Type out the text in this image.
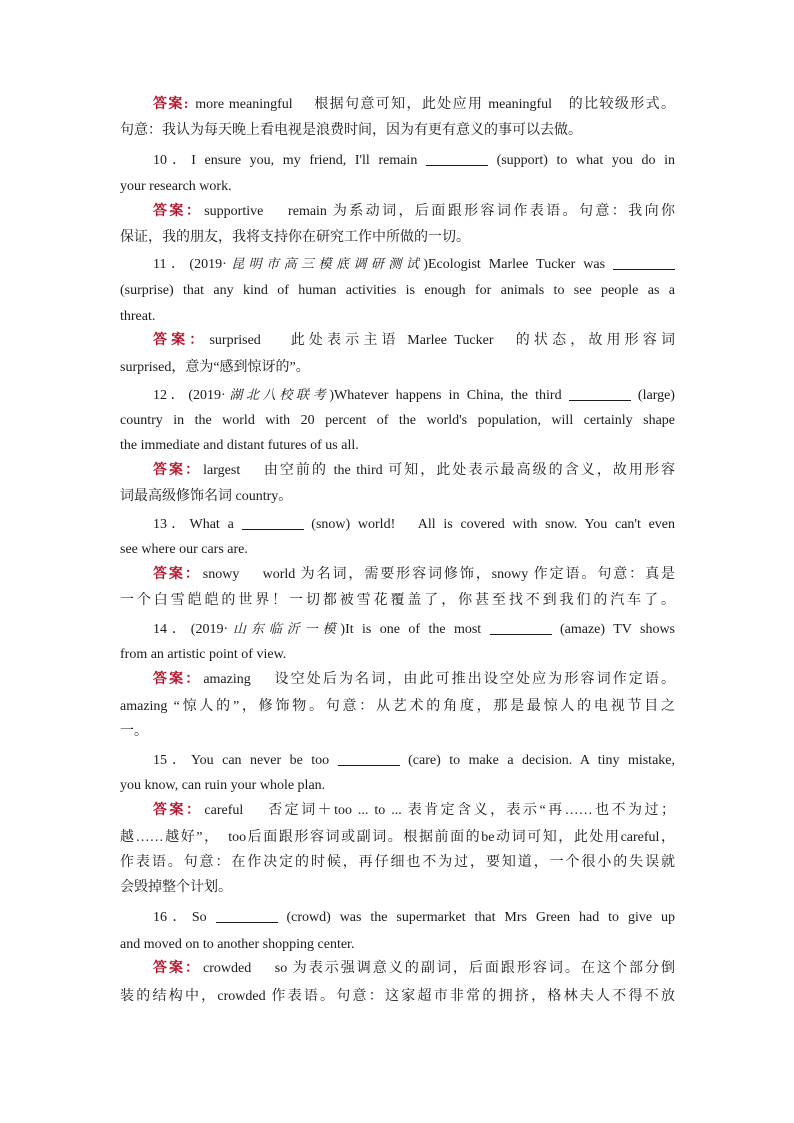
答案: more meaningful　 根据句意可知，此处应用 meaningful　的比较级形式。
句意：我认为每天晚上看电视是浪费时间，因为有更有意义的事可以去做。
10．I ensure you, my friend, I'll remain	(support) to what you do in
your research work.
答案： supportive　 remain 为系动词，后面跟形容词作表语。句意：我向你
保证，我的朋友，我将支持你在研究工作中所做的一切。
11．(2019·昆明市高三模底调研测试)Ecologist Marlee Tucker was
(surprise) that any kind of human activities is enough for animals to see people as a
threat.
答案： surprised　 此处表示主语 Marlee Tucker　的状态，故用形容词
surprised，意为“感到惊讶的”。
12．(2019·湖北八校联考)Whatever happens in China, the third	(large)
country in the world with 20 percent of the world's population, will certainly shape
the immediate and distant futures of us all.
答案： largest　 由空前的 the third 可知，此处表示最高级的含义，故用形容
词最高级修饰名词 country。
13．What a	(snow) world!　All is covered with snow. You can't even
see where our cars are.
答案： snowy　 world 为名词，需要形容词修饰，snowy 作定语。句意：真是
一个白雪皑皑的世界！一切都被雪花覆盖了，你甚至找不到我们的汽车了。
14．(2019·山东临沂一模)It is one of the most	(amaze) TV shows
from an artistic point of view.
答案： amazing　 设空处后为名词，由此可推出设空处应为形容词作定语。
amazing “惊人的”，修饰物。句意：从艺术的角度，那是最惊人的电视节目之
一。
15．You can never be too	(care) to make a decision. A tiny mistake,
you know, can ruin your whole plan.
答案： careful　 否定词＋too ... to ... 表肯定含义，表示“再……也不为过；
越……越好”，　too后面跟形容词或副词。根据前面的be动词可知，此处用careful，
作表语。句意：在作决定的时候，再仔细也不为过，要知道，一个很小的失误就
会毁掉整个计划。
16．So	(crowd) was the supermarket that Mrs Green had to give up
and moved on to another shopping center.
答案： crowded　 so 为表示强调意义的副词，后面跟形容词。在这个部分倒
装的结构中，crowded 作表语。句意：这家超市非常的拥挤，格林夫人不得不放
